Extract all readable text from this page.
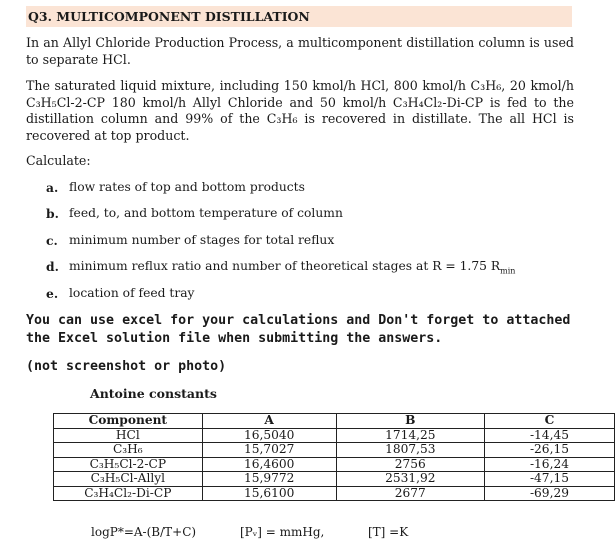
Q3. MULTICOMPONENT DISTILLATION
In an Allyl Chloride Production Process, a multicomponent distillation column is used to separate HCl.
The saturated liquid mixture, including 150 kmol/h HCl, 800 kmol/h C₃H₆, 20 kmol/h C₃H₅Cl-2-CP 180 kmol/h Allyl Chloride and 50 kmol/h C₃H₄Cl₂-Di-CP is fed to the distillation column and 99% of the C₃H₆ is recovered in distillate. The all HCl is recovered at top product.
Calculate:
a. flow rates of top and bottom products
b. feed, to, and bottom temperature of column
c. minimum number of stages for total reflux
d. minimum reflux ratio and number of theoretical stages at R = 1.75 $R_{min}$
e. location of feed tray
You can use excel for your calculations and Don't forget to attached the Excel solution file when submitting the answers.
(not screenshot or photo)
Antoine constants
Component	A	B	C
HCl	16,5040	1714,25	-14,45
C₃H₆	15,7027	1807,53	-26,15
C₃H₅Cl-2-CP	16,4600	2756	-16,24
C₃H₅Cl-Allyl	15,9772	2531,92	-47,15
C₃H₄Cl₂-Di-CP	15,6100	2677	-69,29
logP*=A-(B/T+C)	[Pᵥ] = mmHg,	[T] =K
